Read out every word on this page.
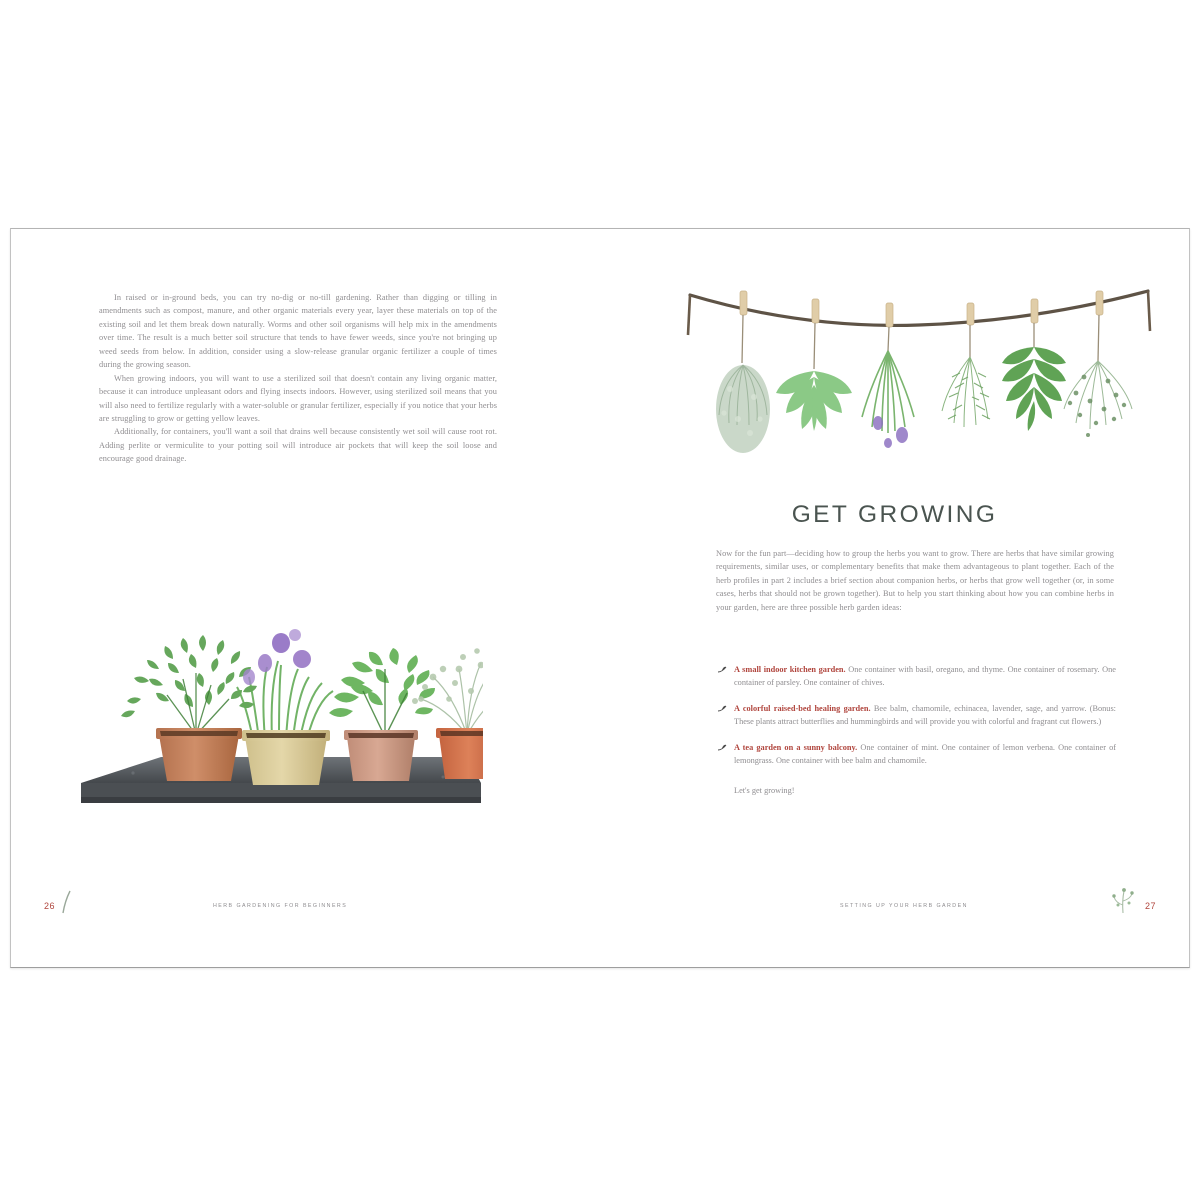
In raised or in-ground beds, you can try no-dig or no-till gardening. Rather than digging or tilling in amendments such as compost, manure, and other organic materials every year, layer these materials on top of the existing soil and let them break down naturally. Worms and other soil organisms will help mix in the amendments over time. The result is a much better soil structure that tends to have fewer weeds, since you're not bringing up weed seeds from below. In addition, consider using a slow-release granular organic fertilizer a couple of times during the growing season.

When growing indoors, you will want to use a sterilized soil that doesn't contain any living organic matter, because it can introduce unpleasant odors and flying insects indoors. However, using sterilized soil means that you will also need to fertilize regularly with a water-soluble or granular fertilizer, especially if you notice that your herbs are struggling to grow or getting yellow leaves.

Additionally, for containers, you'll want a soil that drains well because consistently wet soil will cause root rot. Adding perlite or vermiculite to your potting soil will introduce air pockets that will keep the soil loose and encourage good drainage.

26	HERB GARDENING FOR BEGINNERS
GET GROWING

Now for the fun part—deciding how to group the herbs you want to grow. There are herbs that have similar growing requirements, similar uses, or complementary benefits that make them advantageous to plant together. Each of the herb profiles in part 2 includes a brief section about companion herbs, or herbs that grow well together (or, in some cases, herbs that should not be grown together). But to help you start thinking about how you can combine herbs in your garden, here are three possible herb garden ideas:

A small indoor kitchen garden. One container with basil, oregano, and thyme. One container of rosemary. One container of parsley. One container of chives.
A colorful raised-bed healing garden. Bee balm, chamomile, echinacea, lavender, sage, and yarrow. (Bonus: These plants attract butterflies and hummingbirds and will provide you with colorful and fragrant cut flowers.)
A tea garden on a sunny balcony. One container of mint. One container of lemon verbena. One container of lemongrass. One container with bee balm and chamomile.
Let's get growing!
SETTING UP YOUR HERB GARDEN	27
